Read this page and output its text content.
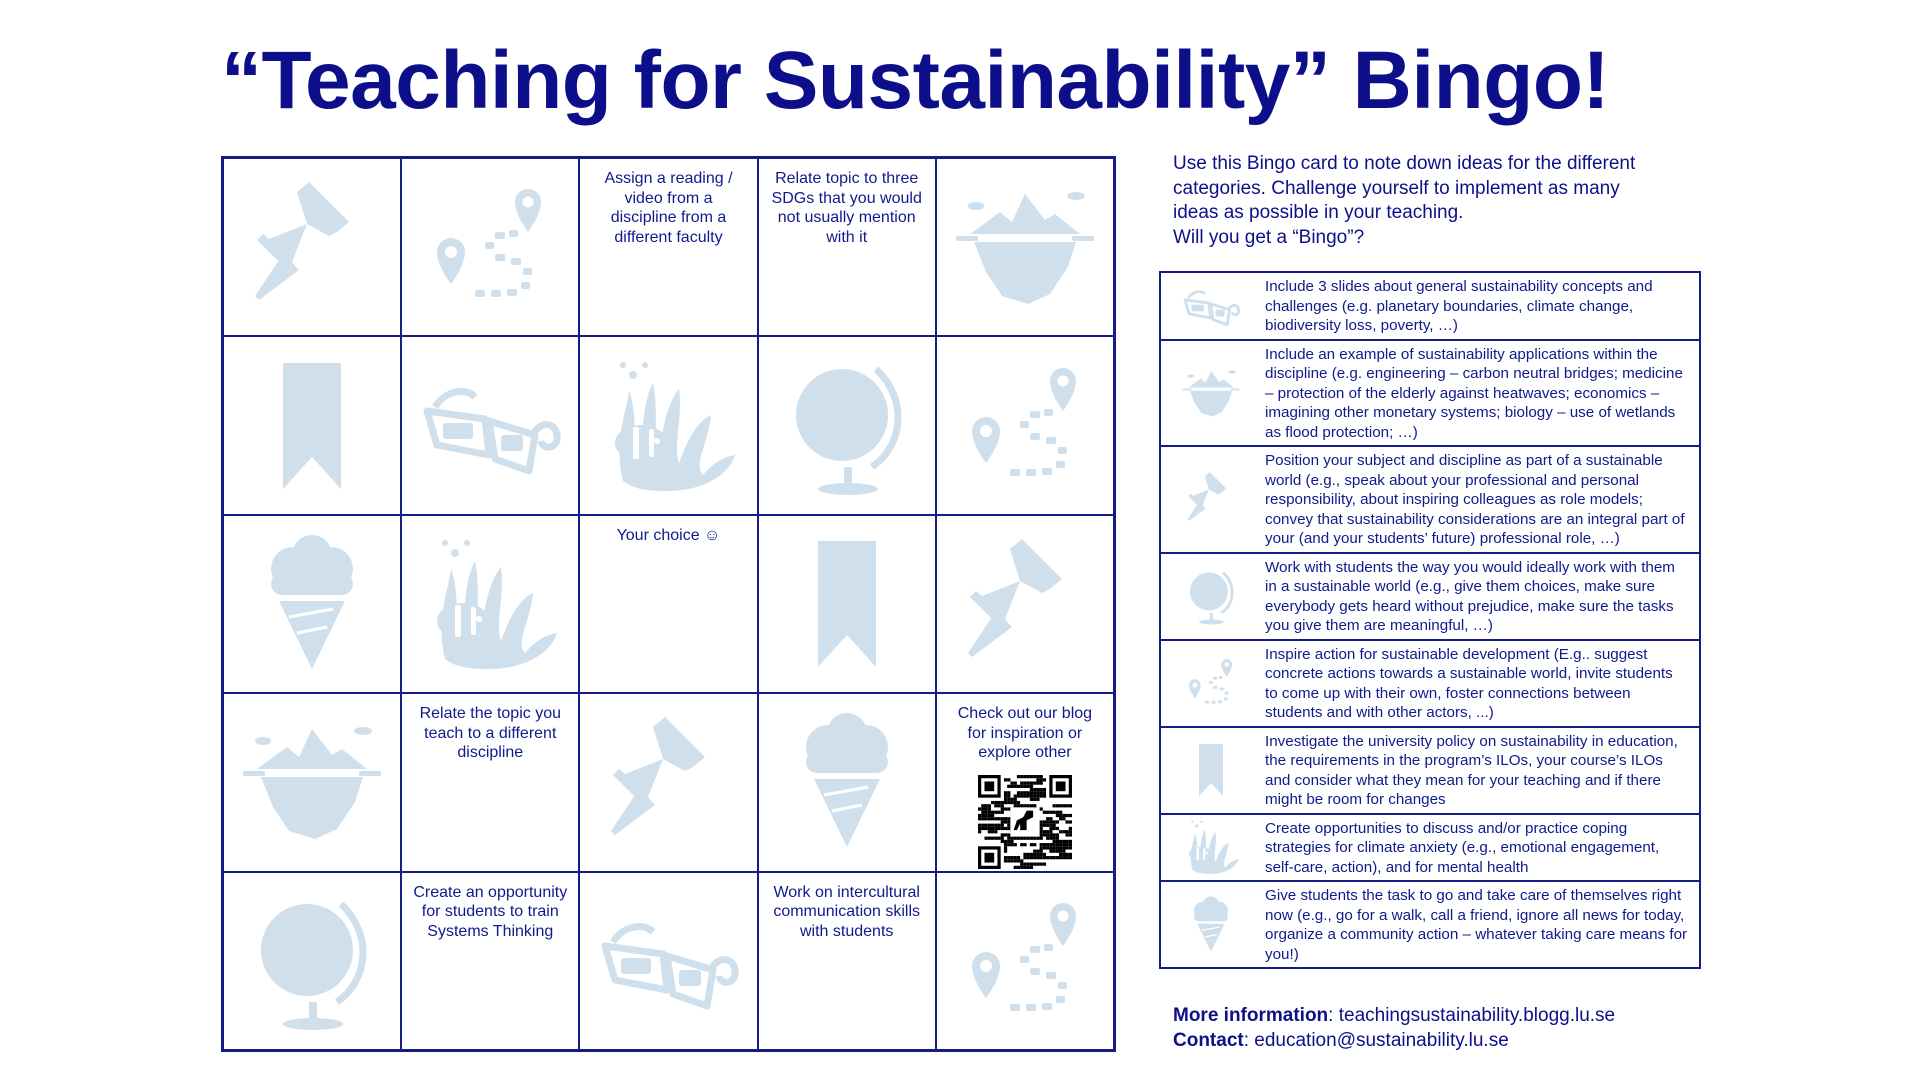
“Teaching for Sustainability” Bingo!
Assign a reading / video from a discipline from a different faculty
Relate topic to three SDGs that you would not usually mention with it
Your choice ☺
Relate the topic you teach to a different discipline
Check out our blog for inspiration or explore other
Create an opportunity for students to train Systems Thinking
Work on intercultural communication skills with students
Use this Bingo card to note down ideas for the different
categories. Challenge yourself to implement as many
ideas as possible in your teaching.
Will you get a “Bingo”?
Include 3 slides about general sustainability concepts and challenges (e.g. planetary boundaries, climate change, biodiversity loss, poverty, …)
Include an example of sustainability applications within the discipline (e.g. engineering – carbon neutral bridges; medicine – protection of the elderly against heatwaves; economics – imagining other monetary systems; biology – use of wetlands as flood protection; …)
Position your subject and discipline as part of a sustainable world (e.g., speak about your professional and personal responsibility, about inspiring colleagues as role models; convey that sustainability considerations are an integral part of your (and your students’ future) professional role, …)
Work with students the way you would ideally work with them in a sustainable world (e.g., give them choices, make sure everybody gets heard without prejudice, make sure the tasks you give them are meaningful, …)
Inspire action for sustainable development (E.g.. suggest concrete actions towards a sustainable world, invite students to come up with their own, foster connections between students and with other actors, ...)
Investigate the university policy on sustainability in education, the requirements in the program’s ILOs, your course’s ILOs and consider what they mean for your teaching and if there might be room for changes
Create opportunities to discuss and/or practice coping strategies for climate anxiety (e.g., emotional engagement, self-care, action), and for mental health
Give students the task to go and take care of themselves right now (e.g., go for a walk, call a friend, ignore all news for today, organize a community action – whatever taking care means for you!)
More information: teachingsustainability.blogg.lu.se
Contact: education@sustainability.lu.se
